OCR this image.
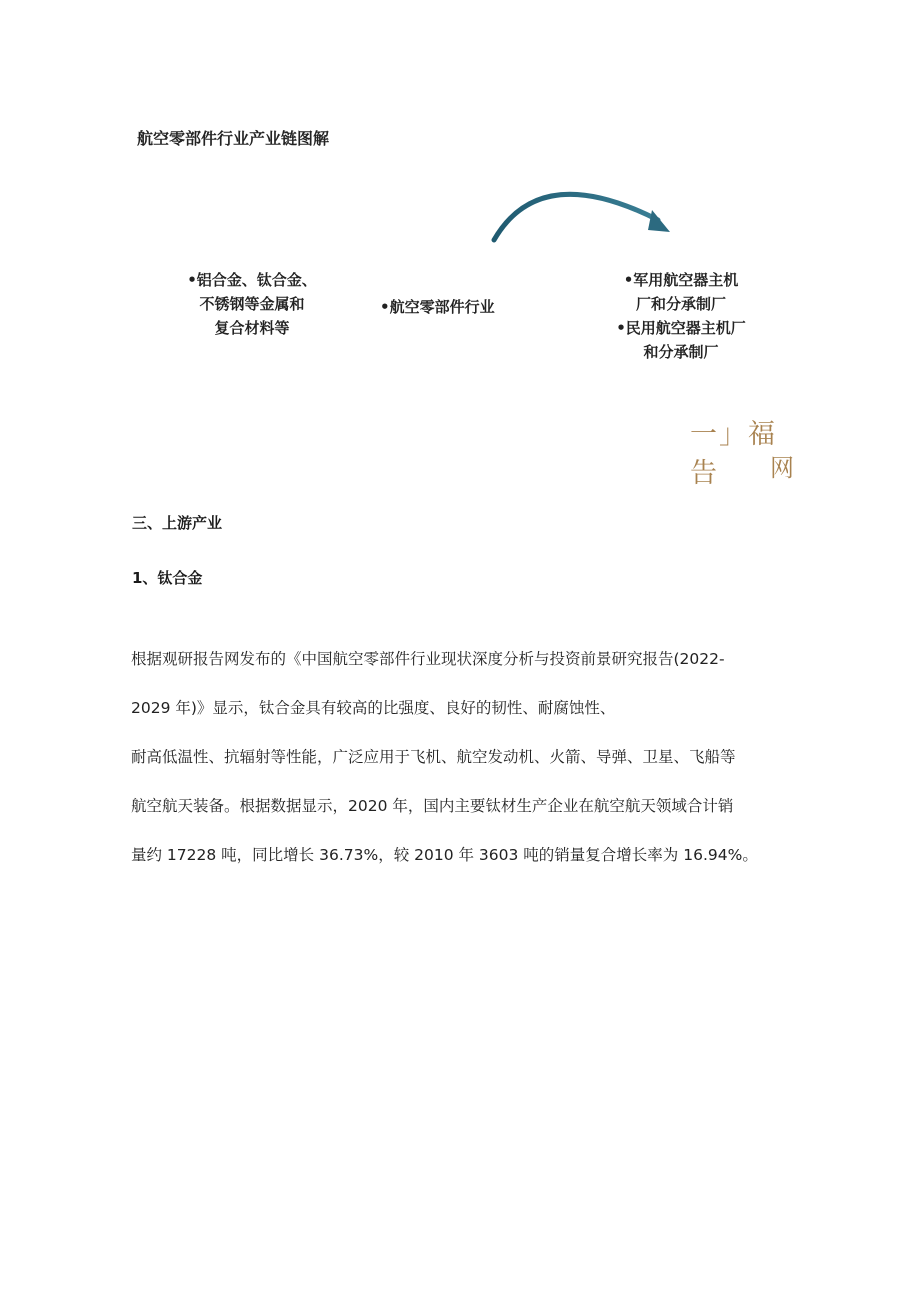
航空零部件行业产业链图解
•铝合金、钛合金、
不锈钢等金属和
复合材料等
•航空零部件行业
•军用航空器主机
厂和分承制厂
•民用航空器主机厂
和分承制厂
一」福告 网
三、上游产业
1、钛合金
根据观研报告网发布的《中国航空零部件行业现状深度分析与投资前景研究报告(2022-
2029 年)》显示，钛合金具有较高的比强度、良好的韧性、耐腐蚀性、
耐高低温性、抗辐射等性能，广泛应用于飞机、航空发动机、火箭、导弹、卫星、飞船等
航空航天装备。根据数据显示，2020 年，国内主要钛材生产企业在航空航天领域合计销
量约 17228 吨，同比增长 36.73%，较 2010 年 3603 吨的销量复合增长率为 16.94%。
